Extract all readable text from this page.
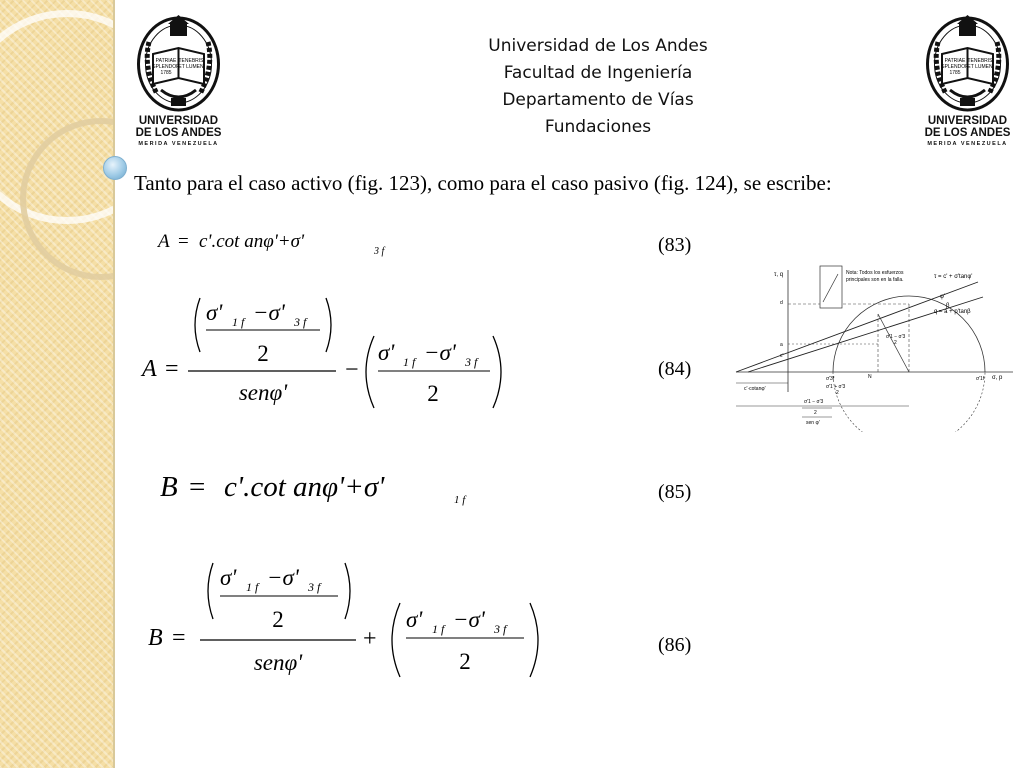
PATRIAE
SPLENDOR
1785
TENEBRIS
ET LUMEN
UNIVERSIDAD
DE LOS ANDES
MERIDA VENEZUELA
PATRIAE
SPLENDOR
1785
TENEBRIS
ET LUMEN
UNIVERSIDAD
DE LOS ANDES
MERIDA VENEZUELA
Universidad de Los Andes
Facultad de Ingeniería
Departamento de Vías
Fundaciones
Tanto para el caso activo (fig. 123), como para el caso pasivo (fig. 124), se escribe:
A = c'.cot anφ'+σ'	3 f
A =
σ' 1 f −σ' 3 f
2
senφ'
−
σ' 1 f −σ' 3 f
2
B = c'.cot anφ'+σ'	1 f
B =
σ' 1 f −σ' 3 f
2
senφ'
+
σ' 1 f −σ' 3 f
2
(83)
(84)
(85)
(86)
τ, q
σ, p
τ = c' + σ'tanφ'
q = a + p'tanβ
φ'
β
Nota: Todos los esfuerzos
principales son en la falla.
d
a
c'
N
σ'1 − σ'3
2
σ'3f	σ'1f
σ'1 + σ'3
2
c'·cotanφ'
σ'1 − σ'3
2
sen φ'
